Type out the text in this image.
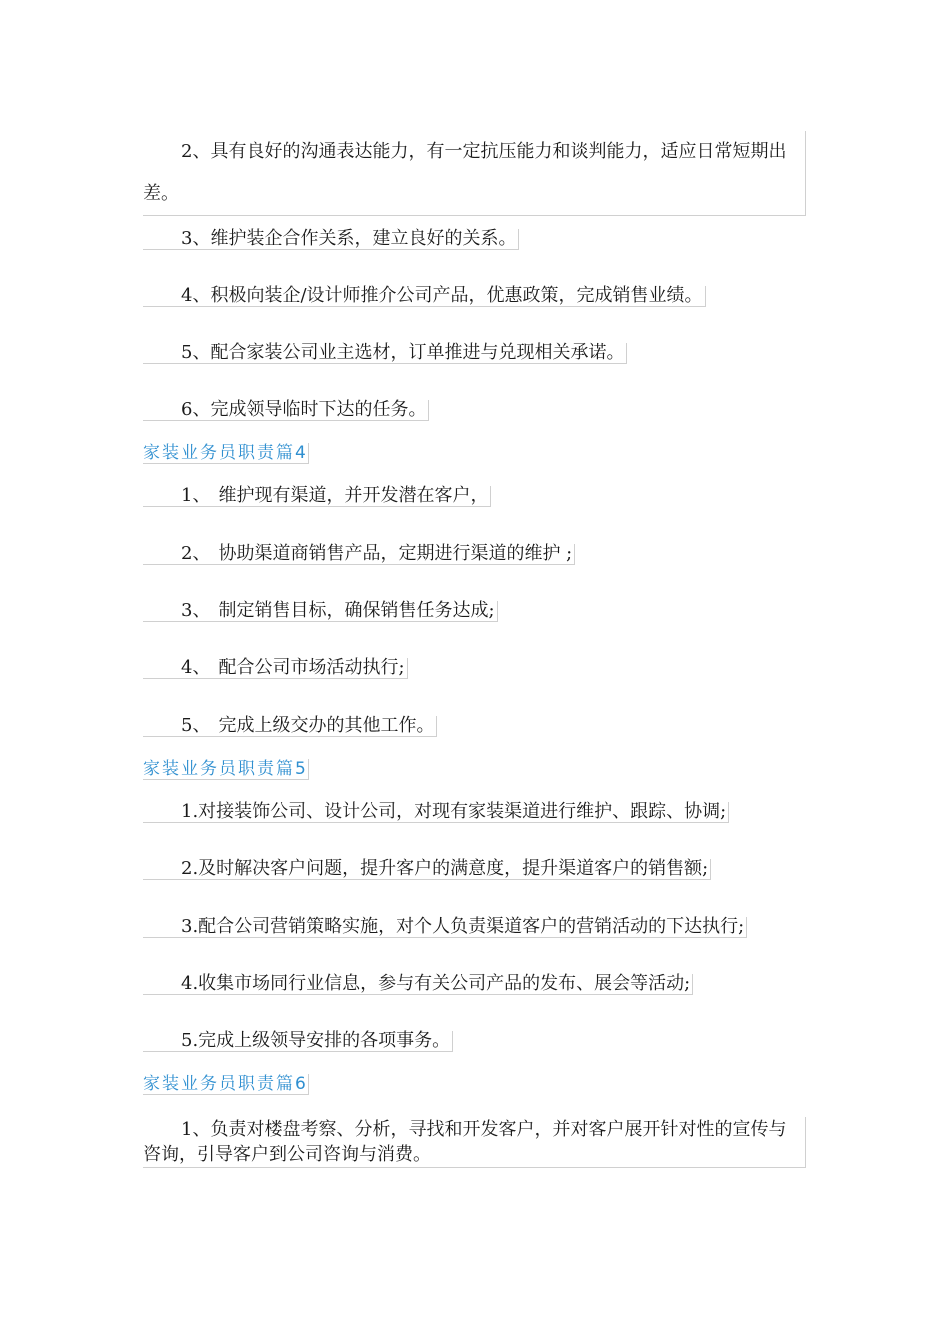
2、具有良好的沟通表达能力，有一定抗压能力和谈判能力，适应日常短期出差。
3、维护装企合作关系，建立良好的关系。
4、积极向装企/设计师推介公司产品，优惠政策，完成销售业绩。
5、配合家装公司业主选材，订单推进与兑现相关承诺。
6、完成领导临时下达的任务。
家装业务员职责篇4
1、 维护现有渠道，并开发潜在客户，
2、 协助渠道商销售产品，定期进行渠道的维护 ;
3、 制定销售目标，确保销售任务达成;
4、 配合公司市场活动执行;
5、 完成上级交办的其他工作。
家装业务员职责篇5
1.对接装饰公司、设计公司，对现有家装渠道进行维护、跟踪、协调;
2.及时解决客户问题，提升客户的满意度，提升渠道客户的销售额;
3.配合公司营销策略实施，对个人负责渠道客户的营销活动的下达执行;
4.收集市场同行业信息，参与有关公司产品的发布、展会等活动;
5.完成上级领导安排的各项事务。
家装业务员职责篇6
1、负责对楼盘考察、分析，寻找和开发客户，并对客户展开针对性的宣传与咨询，引导客户到公司咨询与消费。
